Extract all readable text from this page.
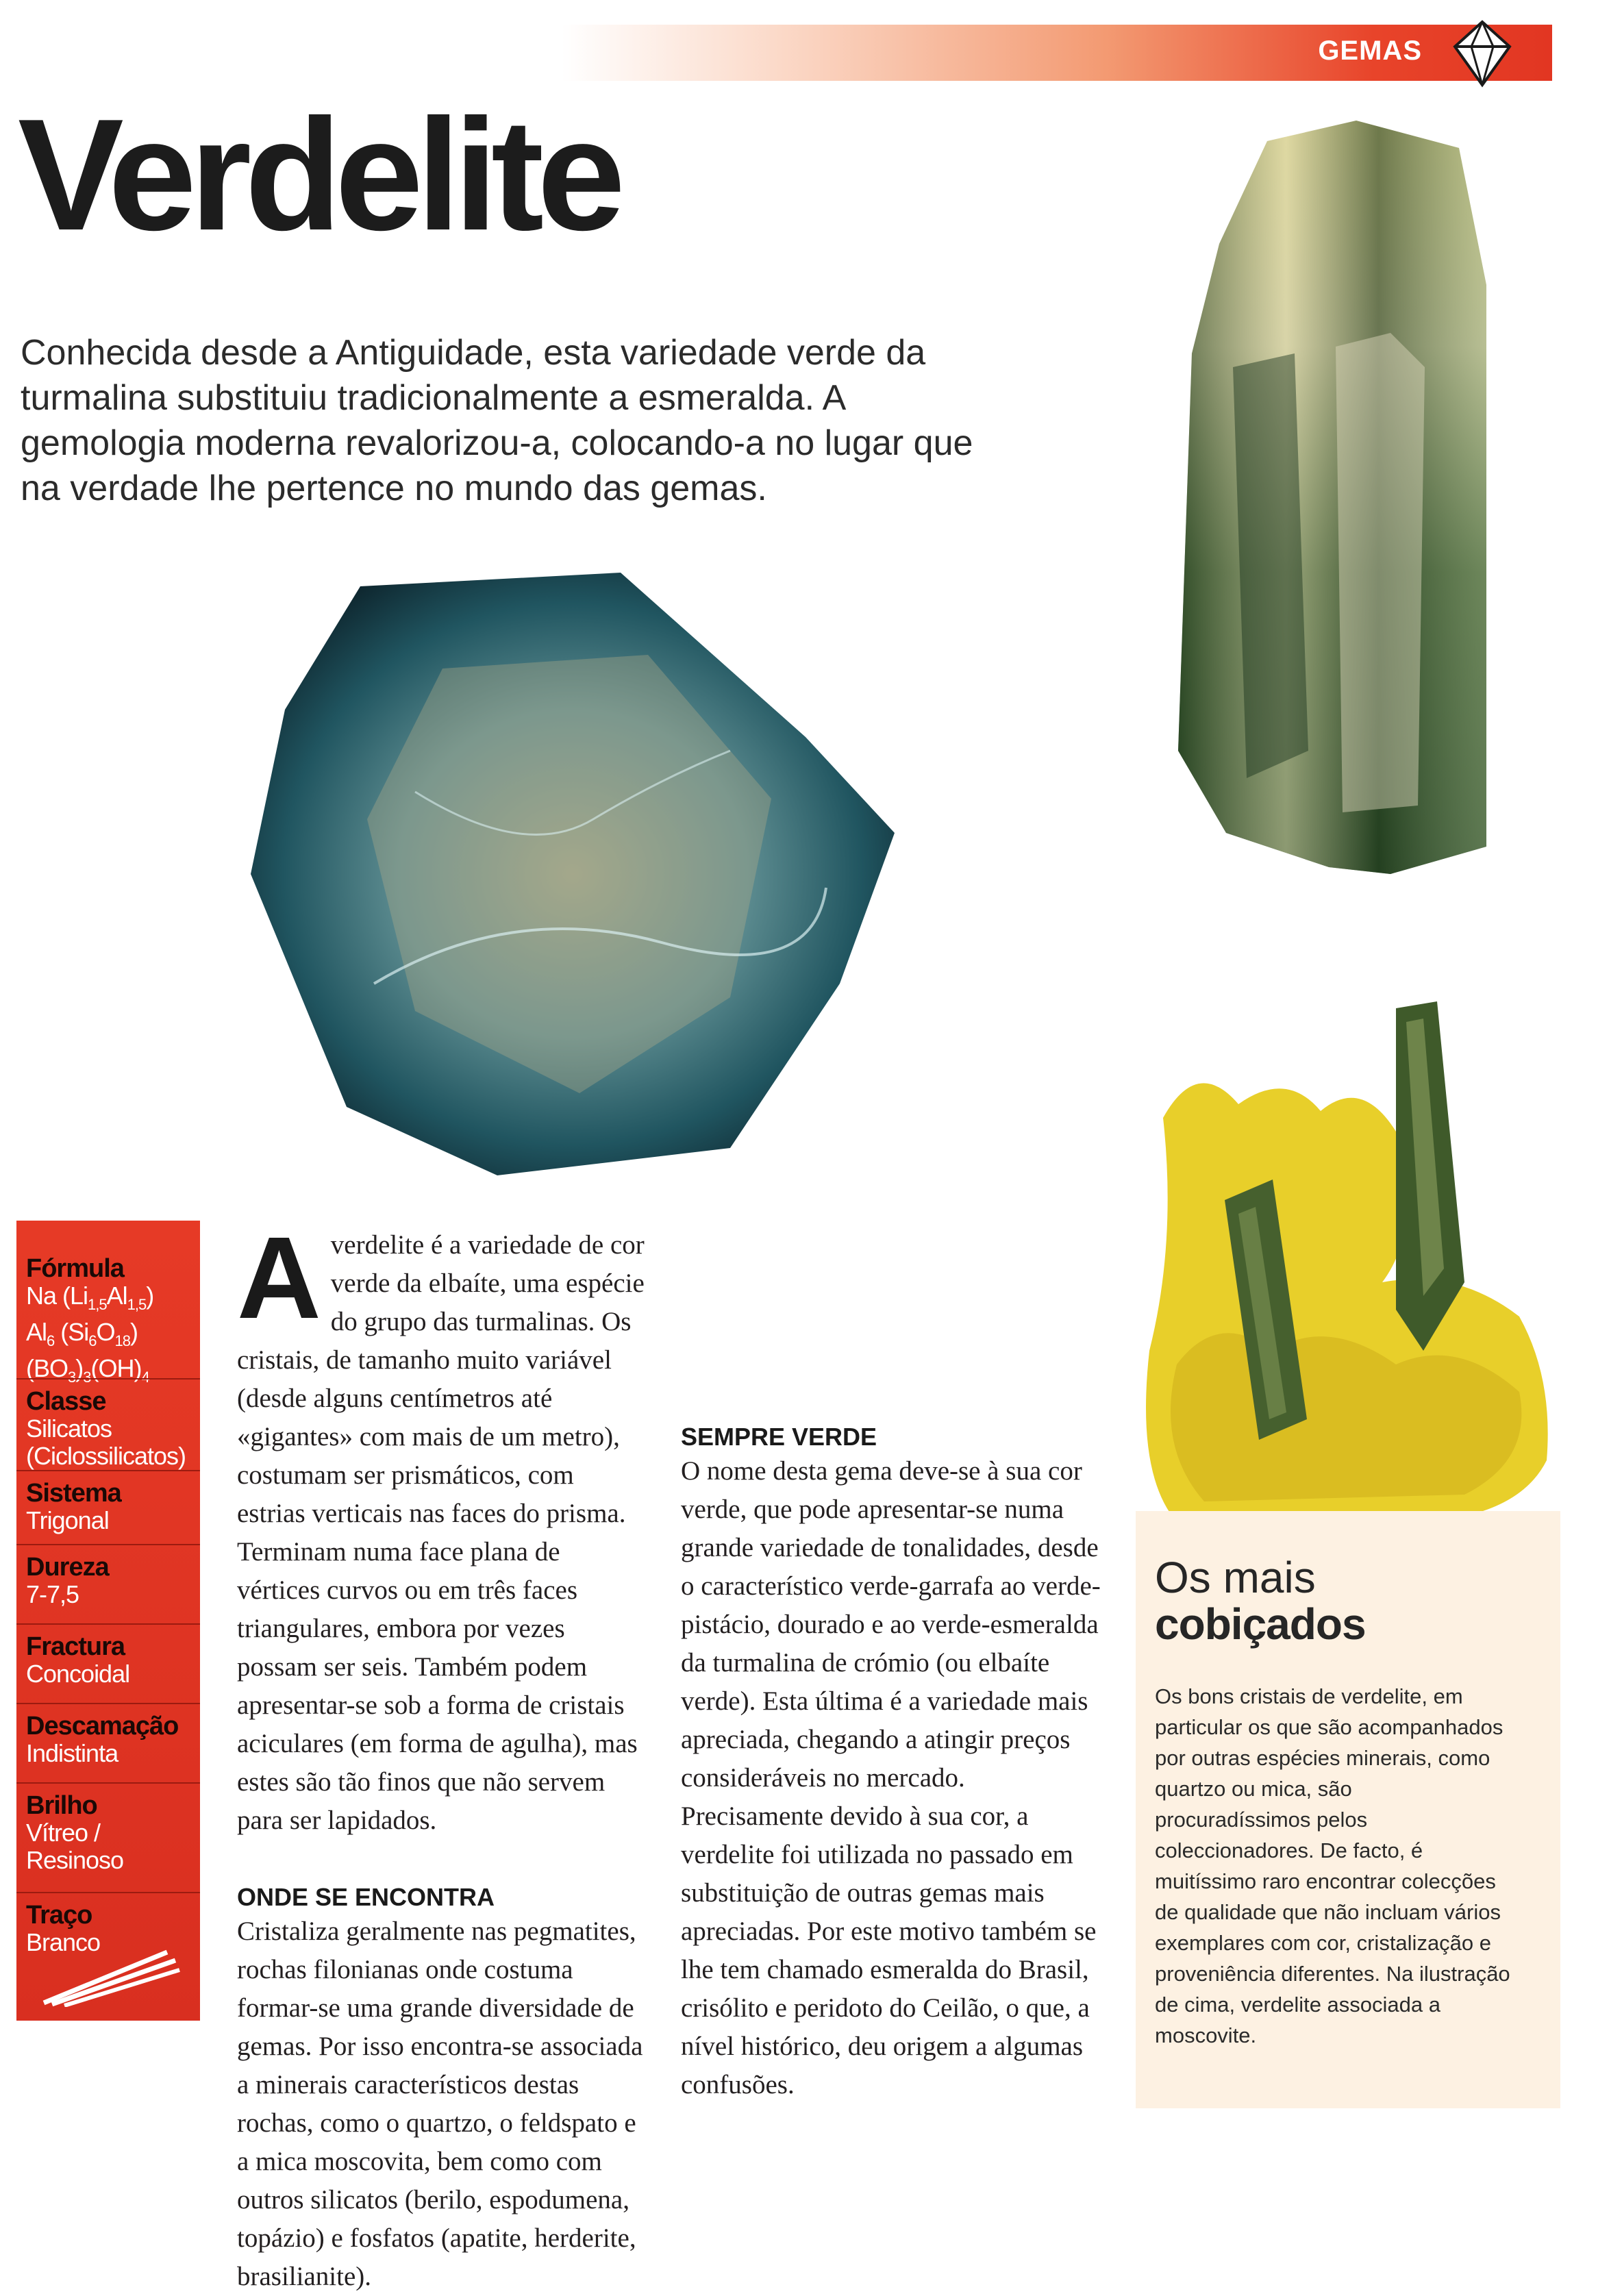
GEMAS
Verdelite

Conhecida desde a Antiguidade, esta variedade verde da turmalina substituiu tradicionalmente a esmeralda. A gemologia moderna revalorizou-a, colocando-a no lugar que na verdade lhe pertence no mundo das gemas.

Fórmula
Na $(Li_{1,5}Al_{1,5})$
$Al_6$ $(Si_6O_{18})$
$(BO_3)_3(OH)_4$
Classe
Silicatos
(Ciclossilicatos)
Sistema
Trigonal
Dureza
7-7,5
Fractura
Concoidal
Descamação
Indistinta
Brilho
Vítreo /
Resinoso
Traço
Branco

Averdelite é a variedade de cor verde da elbaíte, uma espécie do grupo das turmalinas. Os cristais, de tamanho muito variável (desde alguns centímetros até «gigantes» com mais de um metro), costumam ser prismáticos, com estrias verticais nas faces do prisma. Terminam numa face plana de vértices curvos ou em três faces triangulares, embora por vezes possam ser seis. Também podem apresentar-se sob a forma de cristais aciculares (em forma de agulha), mas estes são tão finos que não servem para ser lapidados.

ONDE SE ENCONTRA

Cristaliza geralmente nas pegmatites, rochas filonianas onde costuma formar-se uma grande diversidade de gemas. Por isso encontra-se associada a minerais característicos destas rochas, como o quartzo, o feldspato e a mica moscovita, bem como com outros silicatos (berilo, espodumena, topázio) e fosfatos (apatite, herderite, brasilianite).

SEMPRE VERDE

O nome desta gema deve-se à sua cor verde, que pode apresentar-se numa grande variedade de tonalidades, desde o característico verde-garrafa ao verde-pistácio, dourado e ao verde-esmeralda da turmalina de crómio (ou elbaíte verde). Esta última é a variedade mais apreciada, chegando a atingir preços consideráveis no mercado.

Precisamente devido à sua cor, a verdelite foi utilizada no passado em substituição de outras gemas mais apreciadas. Por este motivo também se lhe tem chamado esmeralda do Brasil, crisólito e peridoto do Ceilão, o que, a nível histórico, deu origem a algumas confusões.

Os mais
cobiçados

Os bons cristais de verdelite, em particular os que são acompanhados por outras espécies minerais, como quartzo ou mica, são procuradíssimos pelos coleccionadores. De facto, é muitíssimo raro encontrar colecções de qualidade que não incluam vários exemplares com cor, cristalização e proveniência diferentes. Na ilustração de cima, verdelite associada a moscovite.
